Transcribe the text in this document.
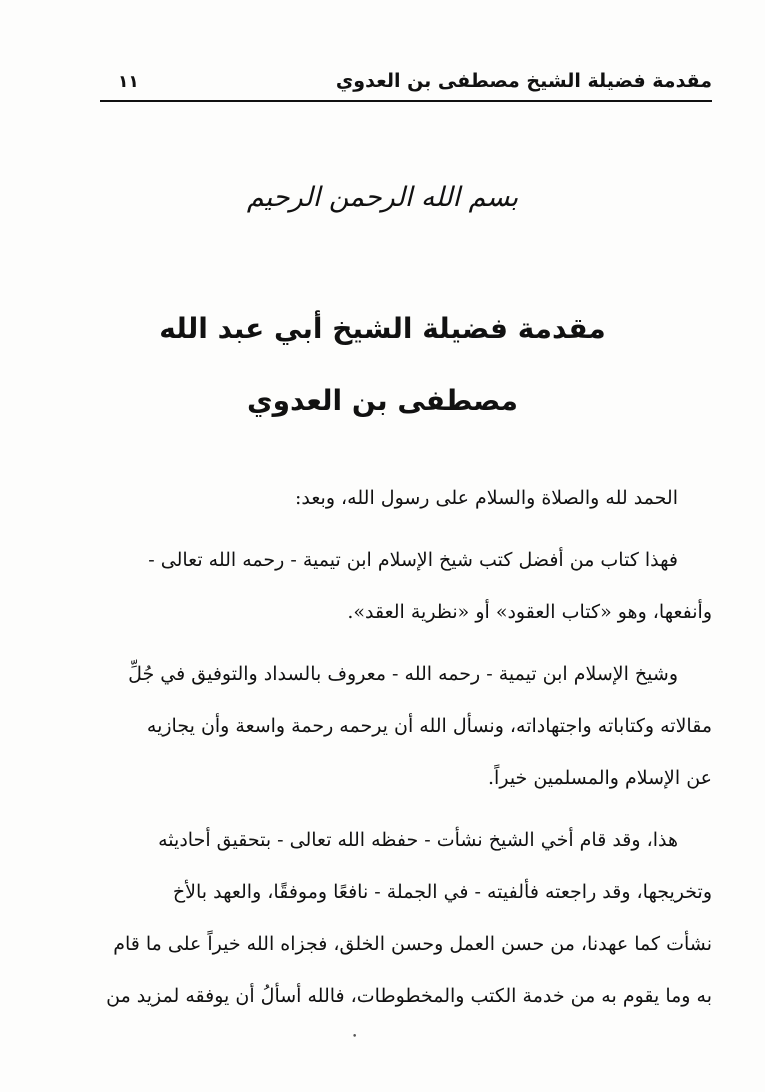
مقدمة فضيلة الشيخ مصطفى بن العدوي
١١
بسم الله الرحمن الرحيم
مقدمة فضيلة الشيخ أبي عبد الله
مصطفى بن العدوي
الحمد لله والصلاة والسلام على رسول الله، وبعد:
فهذا كتاب من أفضل كتب شيخ الإسلام ابن تيمية - رحمه الله تعالى -
وأنفعها، وهو «كتاب العقود» أو «نظرية العقد».
وشيخ الإسلام ابن تيمية - رحمه الله - معروف بالسداد والتوفيق في جُلِّ
مقالاته وكتاباته واجتهاداته، ونسأل الله أن يرحمه رحمة واسعة وأن يجازيه
عن الإسلام والمسلمين خيراً.
هذا، وقد قام أخي الشيخ نشأت - حفظه الله تعالى - بتحقيق أحاديثه
وتخريجها، وقد راجعته فألفيته - في الجملة - نافعًا وموفقًا، والعهد بالأخ
نشأت كما عهدنا، من حسن العمل وحسن الخلق، فجزاه الله خيراً على ما قام
به وما يقوم به من خدمة الكتب والمخطوطات، فالله أسألُ أن يوفقه لمزيد من
•
